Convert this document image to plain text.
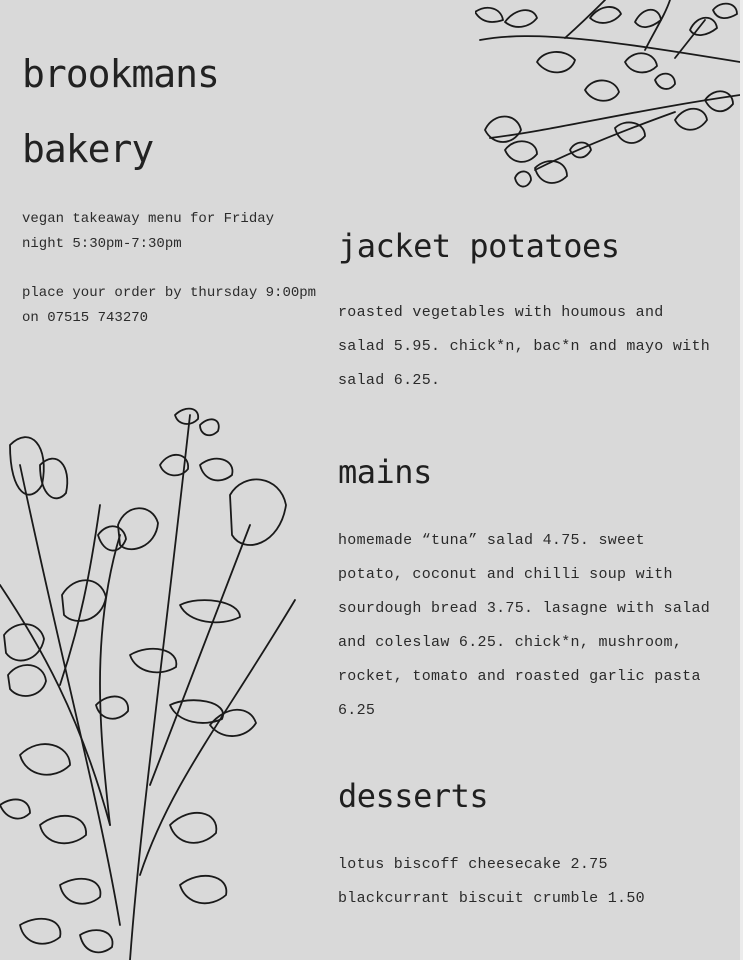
brookmans
bakery

vegan takeaway menu for Friday night 5:30pm-7:30pm

place your order by thursday 9:00pm on 07515 743270

jacket potatoes

roasted vegetables with houmous and salad 5.95. chick*n, bac*n and mayo with salad 6.25.

mains

homemade “tuna” salad 4.75. sweet potato, coconut and chilli soup with sourdough bread 3.75. lasagne with salad and coleslaw 6.25. chick*n, mushroom, rocket, tomato and roasted garlic pasta 6.25

desserts
lotus biscoff cheesecake 2.75
blackcurrant biscuit crumble 1.50
